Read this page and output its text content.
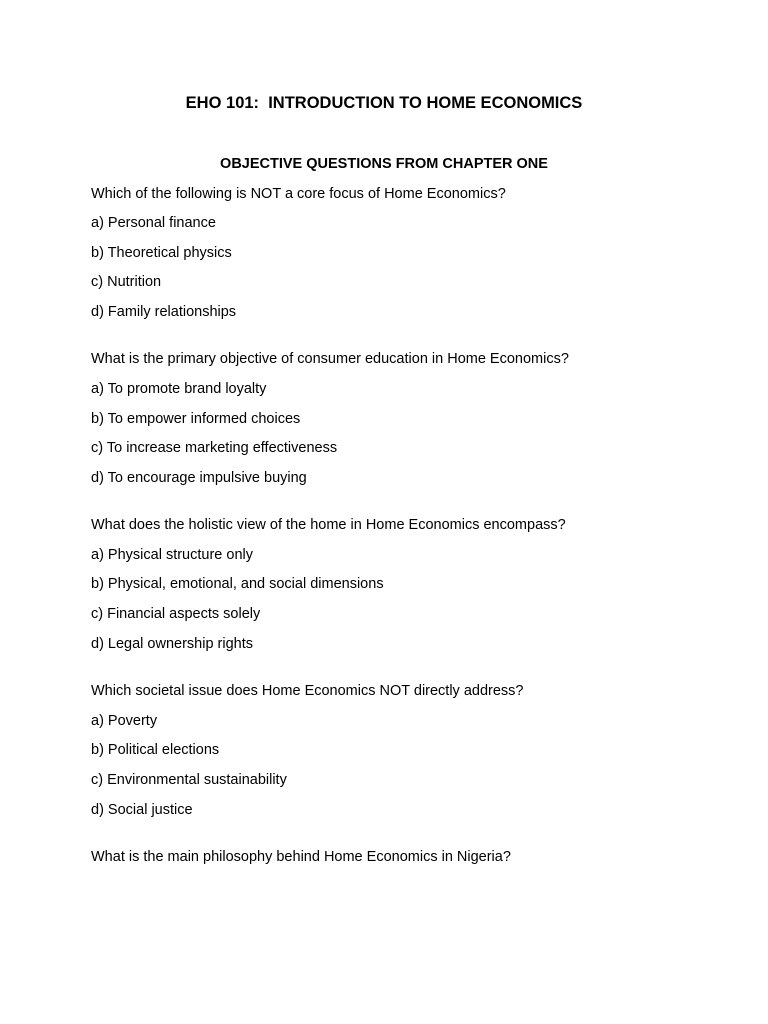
EHO 101:  INTRODUCTION TO HOME ECONOMICS
OBJECTIVE QUESTIONS FROM CHAPTER ONE
Which of the following is NOT a core focus of Home Economics?
a) Personal finance
b) Theoretical physics
c) Nutrition
d) Family relationships
What is the primary objective of consumer education in Home Economics?
a) To promote brand loyalty
b) To empower informed choices
c) To increase marketing effectiveness
d) To encourage impulsive buying
What does the holistic view of the home in Home Economics encompass?
a) Physical structure only
b) Physical, emotional, and social dimensions
c) Financial aspects solely
d) Legal ownership rights
Which societal issue does Home Economics NOT directly address?
a) Poverty
b) Political elections
c) Environmental sustainability
d) Social justice
What is the main philosophy behind Home Economics in Nigeria?
